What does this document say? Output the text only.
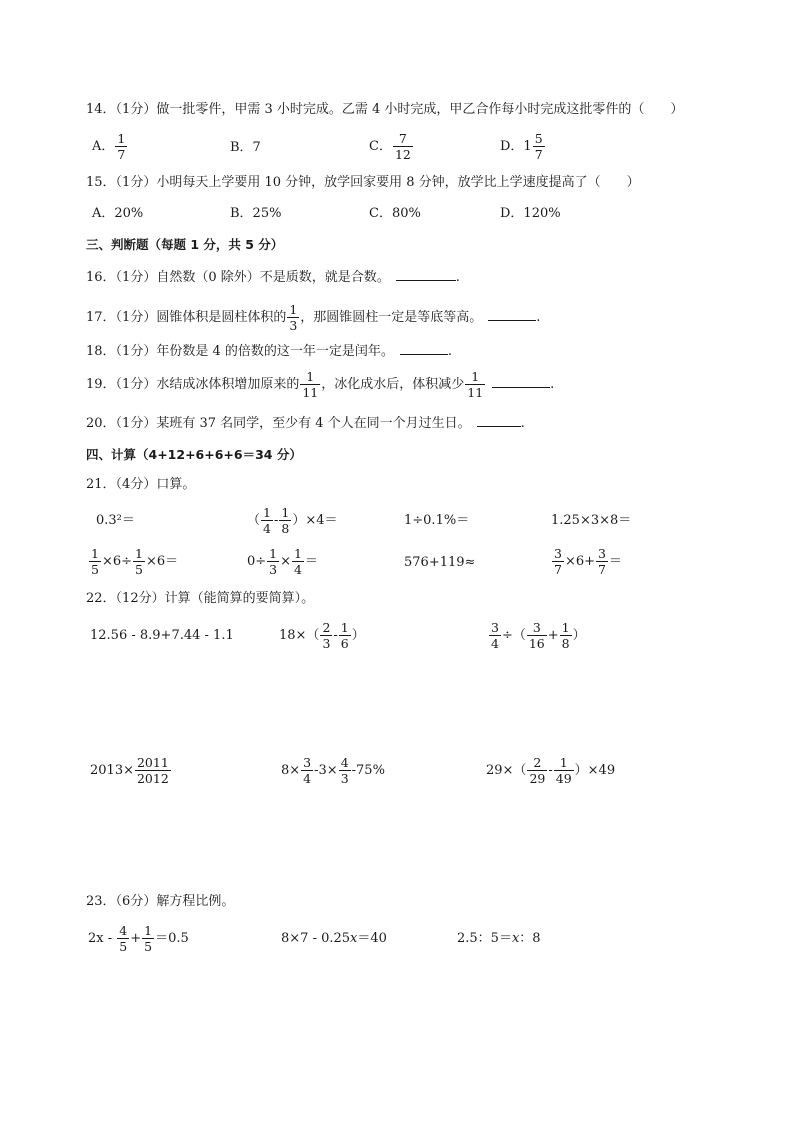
14．（1分）做一批零件，甲需 3 小时完成。乙需 4 小时完成，甲乙合作每小时完成这批零件的（　　）
A． $\frac{1}{7}$	B．7	C． $\frac{7}{12}$	D．$1 \frac{5}{7}$
15．（1分）小明每天上学要用 10 分钟，放学回家要用 8 分钟，放学比上学速度提高了（　　）
A．20%	B．25%	C．80%	D．120%
三、判断题（每题 1 分，共 5 分）
16．（1分）自然数（0 除外）不是质数，就是合数。	.
17．（1分）圆锥体积是圆柱体积的 $\frac{1}{3}$ ，那圆锥圆柱一定是等底等高。	.
18．（1分）年份数是 4 的倍数的这一年一定是闰年。	.
19．（1分）水结成冰体积增加原来的 $\frac{1}{11}$ ，冰化成水后，体积减少 $\frac{1}{11}$	.
20．（1分）某班有 37 名同学，至少有 4 个人在同一个月过生日。	.
四、计算（4+12+6+6+6＝34 分）
21．（4分）口算。
0.3²＝	（ $\frac{1}{4} - \frac{1}{8} )\times 4=$	1÷0.1%＝	1.25×3×8＝
$\frac{1}{5} \times 6\div \frac{1}{5} \times 6=$	$0\div \frac{1}{3} \times \frac{1}{4}$ ＝	576+119≈	$\frac{3}{7} \times 6+ \frac{3}{7}$ ＝
22．（12分）计算（能简算的要简算）。
12.56 - 8.9+7.44 - 1.1	$18\times( \frac{2}{3} - \frac{1}{6}$ ）	$\frac{3}{4}$ ÷（ $\frac{3}{16} + \frac{1}{8}$ ）
$2013\times \frac{2011}{2012}$	$8\times \frac{3}{4} -3\times \frac{4}{3} -75\%$	$29\times( \frac{2}{29} - \frac{1}{49} )\times 49$
23．（6分）解方程比例。
$2x - \frac{4}{5} + \frac{1}{5} =0.5$	8×7 - 0.25x＝40	2.5：5＝x：8
